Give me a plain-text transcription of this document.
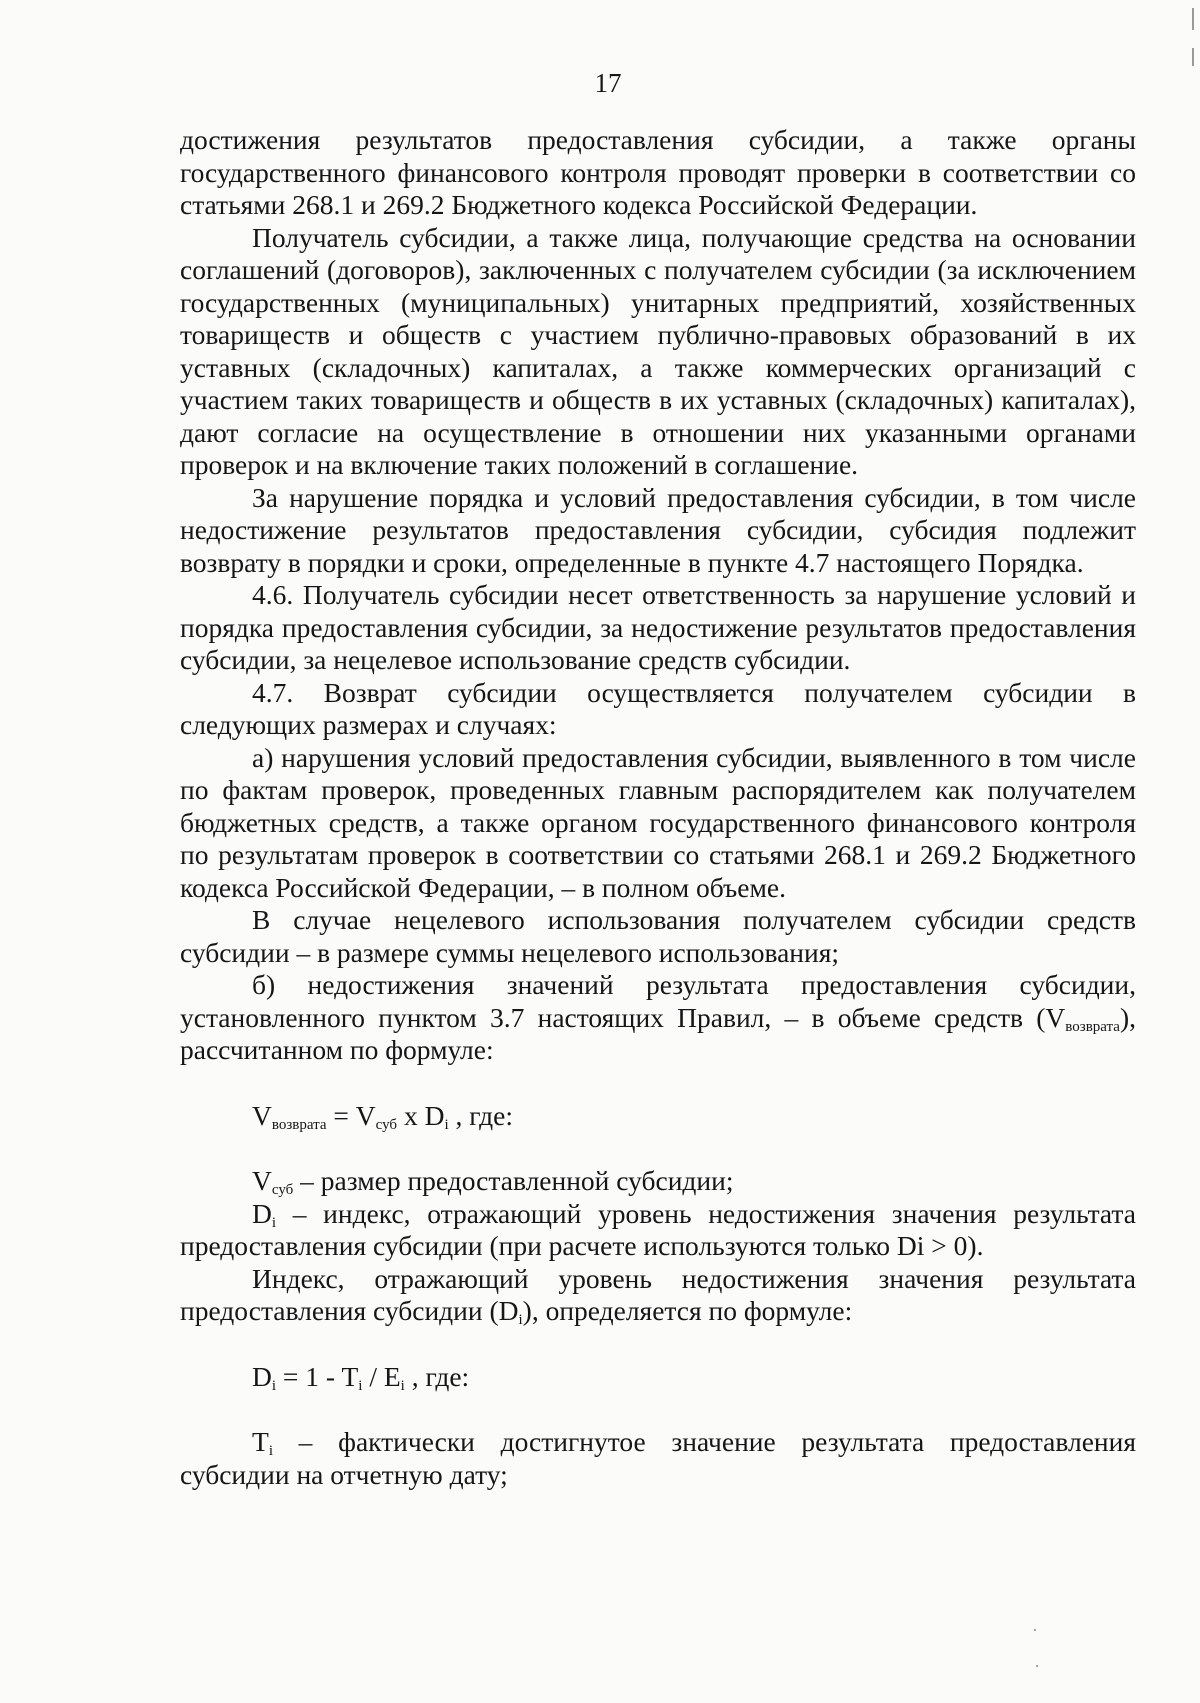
17

достижения результатов предоставления субсидии, а также органы государственного финансового контроля проводят проверки в соответствии со статьями 268.1 и 269.2 Бюджетного кодекса Российской Федерации.

Получатель субсидии, а также лица, получающие средства на основании соглашений (договоров), заключенных с получателем субсидии (за исключением государственных (муниципальных) унитарных предприятий, хозяйственных товариществ и обществ с участием публично-правовых образований в их уставных (складочных) капиталах, а также коммерческих организаций с участием таких товариществ и обществ в их уставных (складочных) капиталах), дают согласие на осуществление в отношении них указанными органами проверок и на включение таких положений в соглашение.

За нарушение порядка и условий предоставления субсидии, в том числе недостижение результатов предоставления субсидии, субсидия подлежит возврату в порядки и сроки, определенные в пункте 4.7 настоящего Порядка.

4.6. Получатель субсидии несет ответственность за нарушение условий и порядка предоставления субсидии, за недостижение результатов предоставления субсидии, за нецелевое использование средств субсидии.

4.7. Возврат субсидии осуществляется получателем субсидии в следующих размерах и случаях:

а) нарушения условий предоставления субсидии, выявленного в том числе по фактам проверок, проведенных главным распорядителем как получателем бюджетных средств, а также органом государственного финансового контроля по результатам проверок в соответствии со статьями 268.1 и 269.2 Бюджетного кодекса Российской Федерации, – в полном объеме.

В случае нецелевого использования получателем субсидии средств субсидии – в размере суммы нецелевого использования;

б) недостижения значений результата предоставления субсидии, установленного пунктом 3.7 настоящих Правил, – в объеме средств $(V_{возврата})$, рассчитанном по формуле:

$V_{возврата} = V_{суб}$ x $D_i$ , где:

$V_{суб}$ – размер предоставленной субсидии;

$D_i$ – индекс, отражающий уровень недостижения значения результата предоставления субсидии (при расчете используются только Di > 0).

Индекс, отражающий уровень недостижения значения результата предоставления субсидии $(D_i)$, определяется по формуле:

$D_i = 1 - T_i / E_i$ , где:

$T_i$ – фактически достигнутое значение результата предоставления субсидии на отчетную дату;
